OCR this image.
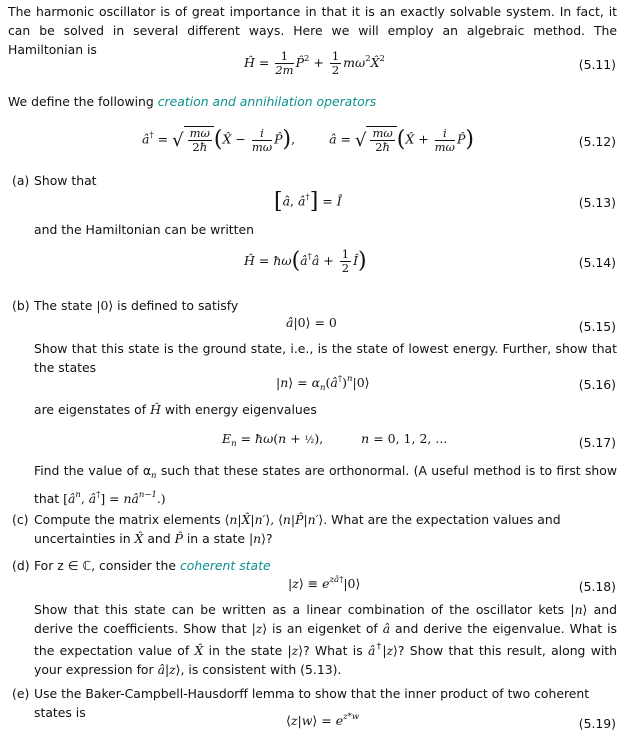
The harmonic oscillator is of great importance in that it is an exactly solvable system. In fact, it can be solved in several different ways. Here we will employ an algebraic method. The Hamiltonian is
Ĥ = $\frac{1}{2m}$ P̂$^2$ + $\frac{1}{2}$ $m\omega^2X̂^2$	(5.11)
We define the following creation and annihilation operators
â† = √ $\frac{m\omega}{2ħ}$ (X̂ − $\frac{i}{m\omega}$ P̂),  â = √ $\frac{m\omega}{2ħ}$ (X̂ + $\frac{i}{m\omega}$ P̂)	(5.12)
(a) Show that
[â, â†] = Î	(5.13)
and the Hamiltonian can be written
Ĥ = ħω(â†â + $\frac{1}{2}$ Î)	(5.14)
(b) The state |0⟩ is defined to satisfy
â|0⟩ = 0	(5.15)
Show that this state is the ground state, i.e., is the state of lowest energy. Further, show that the states
|n⟩ = $\alpha_n(â^\dagger)^n|0⟩$	(5.16)
are eigenstates of Ĥ with energy eigenvalues
$E_n$ = ħω(n + ½),	n = 0, 1, 2, ...	(5.17)
Find the value of $\alpha_n$ such that these states are orthonormal. (A useful method is to first show that [$â^n$, â†] = $nâ^{n-1}$.)
(c) Compute the matrix elements ⟨n|X̂|n′⟩, ⟨n|P̂|n′⟩. What are the expectation values and uncertainties in X̂ and P̂ in a state |n⟩?
(d) For z ∈ ℂ, consider the coherent state
|z⟩ ≡ $e^{zâ\dagger}|0⟩$	(5.18)
Show that this state can be written as a linear combination of the oscillator kets |n⟩ and derive the coefficients. Show that |z⟩ is an eigenket of â and derive the eigenvalue. What is the expectation value of X̂ in the state |z⟩? What is â†|z⟩? Show that this result, along with your expression for â|z⟩, is consistent with (5.13).
(e) Use the Baker-Campbell-Hausdorff lemma to show that the inner product of two coherent states is
⟨z|w⟩ = $e^{z*w}$	(5.19)
